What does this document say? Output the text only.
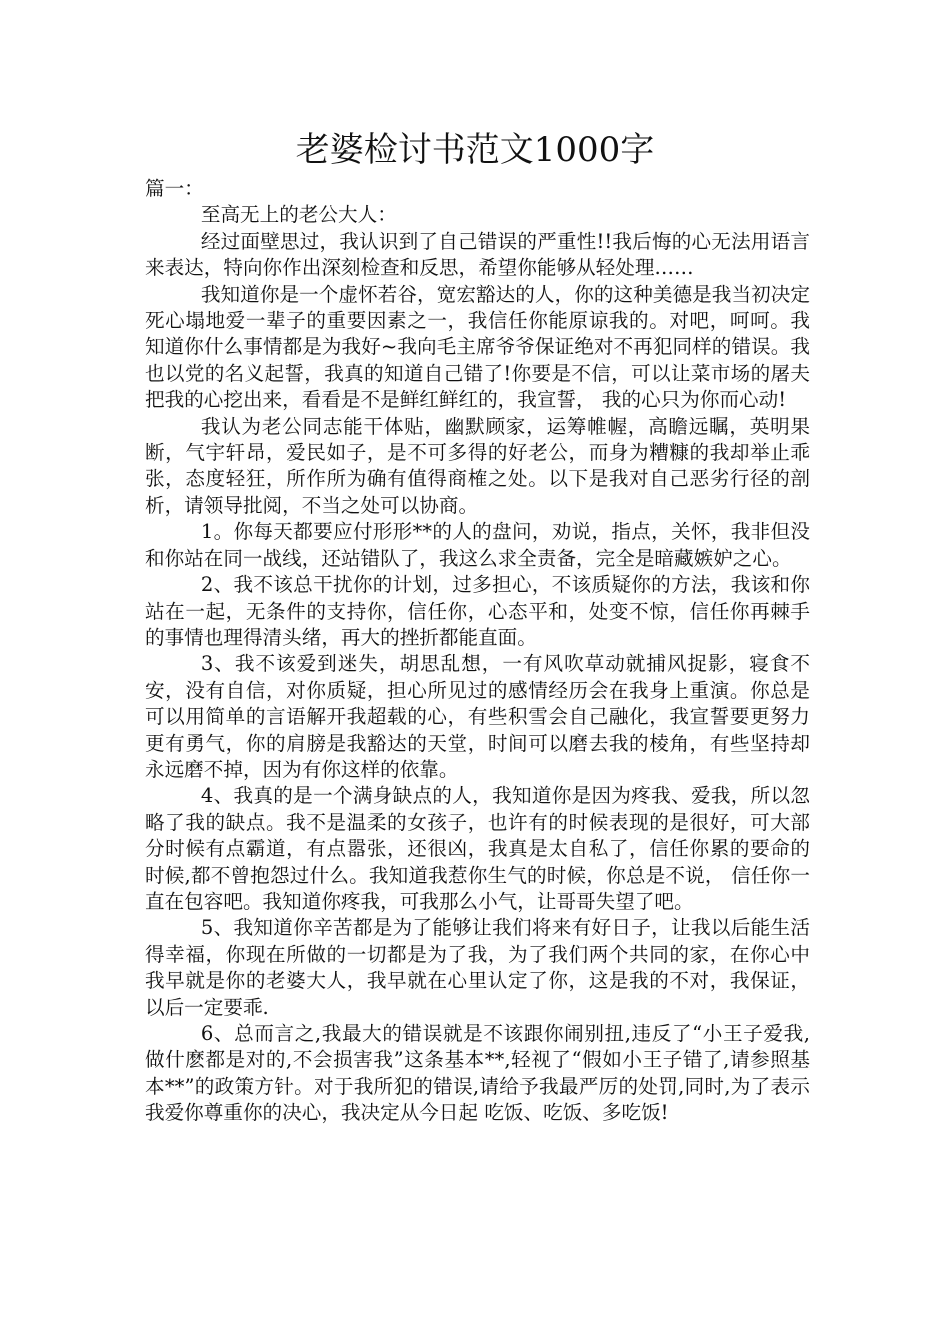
老婆检讨书范文1000字

篇一：

至高无上的老公大人：

经过面壁思过，我认识到了自己错误的严重性!!我后悔的心无法用语言来表达，特向你作出深刻检查和反思，希望你能够从轻处理……

我知道你是一个虚怀若谷，宽宏豁达的人，你的这种美德是我当初决定死心塌地爱一辈子的重要因素之一，我信任你能原谅我的。对吧，呵呵。我知道你什么事情都是为我好~我向毛主席爷爷保证绝对不再犯同样的错误。我也以党的名义起誓，我真的知道自己错了!你要是不信，可以让菜市场的屠夫把我的心挖出来，看看是不是鲜红鲜红的，我宣誓， 我的心只为你而心动!

我认为老公同志能干体贴，幽默顾家，运筹帷幄，高瞻远瞩，英明果断，气宇轩昂，爱民如子，是不可多得的好老公，而身为糟糠的我却举止乖张，态度轻狂，所作所为确有值得商榷之处。以下是我对自己恶劣行径的剖析，请领导批阅，不当之处可以协商。

1。你每天都要应付形形**的人的盘问，劝说，指点，关怀，我非但没和你站在同一战线，还站错队了，我这么求全责备，完全是暗藏嫉妒之心。

2、我不该总干扰你的计划，过多担心，不该质疑你的方法，我该和你站在一起，无条件的支持你，信任你，心态平和，处变不惊，信任你再棘手的事情也理得清头绪，再大的挫折都能直面。

3、我不该爱到迷失，胡思乱想，一有风吹草动就捕风捉影，寝食不安，没有自信，对你质疑，担心所见过的感情经历会在我身上重演。你总是可以用简单的言语解开我超载的心，有些积雪会自己融化，我宣誓要更努力更有勇气，你的肩膀是我豁达的天堂，时间可以磨去我的棱角，有些坚持却永远磨不掉，因为有你这样的依靠。

4、我真的是一个满身缺点的人，我知道你是因为疼我、爱我，所以忽略了我的缺点。我不是温柔的女孩子，也许有的时候表现的是很好，可大部分时候有点霸道，有点嚣张，还很凶，我真是太自私了，信任你累的要命的时候,都不曾抱怨过什么。我知道我惹你生气的时候，你总是不说， 信任你一直在包容吧。我知道你疼我，可我那么小气，让哥哥失望了吧。

5、我知道你辛苦都是为了能够让我们将来有好日子，让我以后能生活得幸福，你现在所做的一切都是为了我，为了我们两个共同的家，在你心中我早就是你的老婆大人，我早就在心里认定了你，这是我的不对，我保证，以后一定要乖.

6、总而言之,我最大的错误就是不该跟你闹别扭,违反了“小王子爱我,做什麽都是对的,不会损害我”这条基本**,轻视了“假如小王子错了,请参照基本**”的政策方针。对于我所犯的错误,请给予我最严厉的处罚,同时,为了表示我爱你尊重你的决心，我决定从今日起 吃饭、吃饭、多吃饭!
